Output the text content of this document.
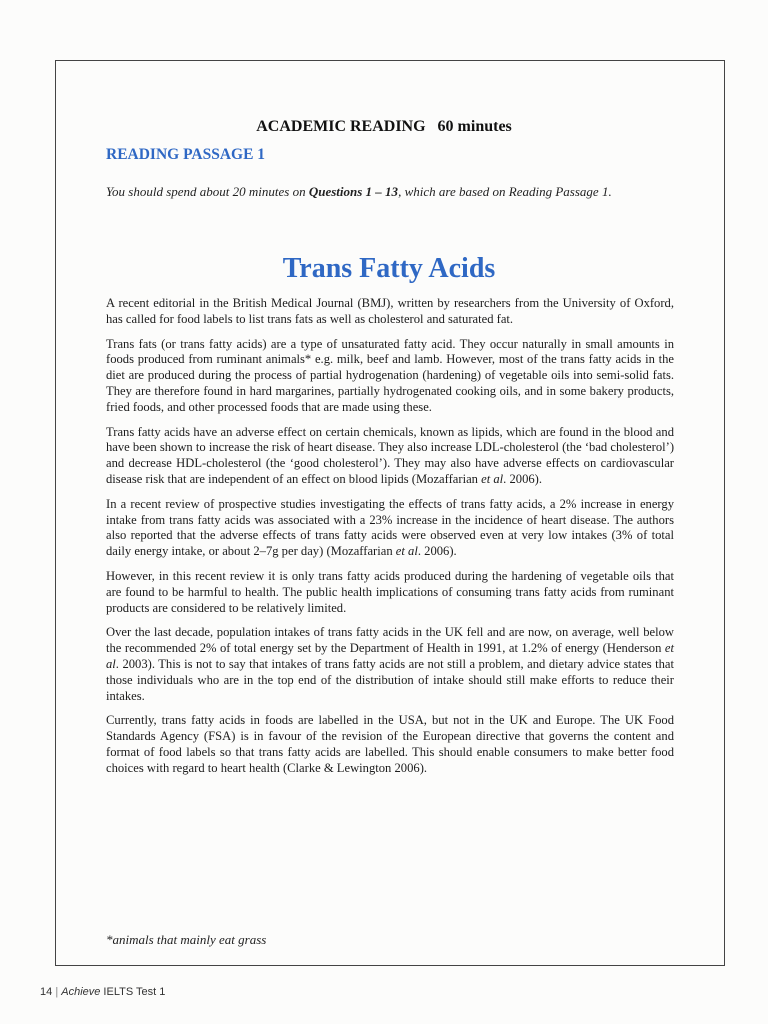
ACADEMIC READING   60 minutes
READING PASSAGE 1

You should spend about 20 minutes on Questions 1 – 13, which are based on Reading Passage 1.

Trans Fatty Acids

A recent editorial in the British Medical Journal (BMJ), written by researchers from the University of Oxford, has called for food labels to list trans fats as well as cholesterol and saturated fat.

Trans fats (or trans fatty acids) are a type of unsaturated fatty acid. They occur naturally in small amounts in foods produced from ruminant animals* e.g. milk, beef and lamb. However, most of the trans fatty acids in the diet are produced during the process of partial hydrogenation (hardening) of vegetable oils into semi-solid fats. They are therefore found in hard margarines, partially hydrogenated cooking oils, and in some bakery products, fried foods, and other processed foods that are made using these.

Trans fatty acids have an adverse effect on certain chemicals, known as lipids, which are found in the blood and have been shown to increase the risk of heart disease. They also increase LDL-cholesterol (the ‘bad cholesterol’) and decrease HDL-cholesterol (the ‘good cholesterol’). They may also have adverse effects on cardiovascular disease risk that are independent of an effect on blood lipids (Mozaffarian et al. 2006).

In a recent review of prospective studies investigating the effects of trans fatty acids, a 2% increase in energy intake from trans fatty acids was associated with a 23% increase in the incidence of heart disease. The authors also reported that the adverse effects of trans fatty acids were observed even at very low intakes (3% of total daily energy intake, or about 2–7g per day) (Mozaffarian et al. 2006).

However, in this recent review it is only trans fatty acids produced during the hardening of vegetable oils that are found to be harmful to health. The public health implications of consuming trans fatty acids from ruminant products are considered to be relatively limited.

Over the last decade, population intakes of trans fatty acids in the UK fell and are now, on average, well below the recommended 2% of total energy set by the Department of Health in 1991, at 1.2% of energy (Henderson et al. 2003). This is not to say that intakes of trans fatty acids are not still a problem, and dietary advice states that those individuals who are in the top end of the distribution of intake should still make efforts to reduce their intakes.

Currently, trans fatty acids in foods are labelled in the USA, but not in the UK and Europe. The UK Food Standards Agency (FSA) is in favour of the revision of the European directive that governs the content and format of food labels so that trans fatty acids are labelled. This should enable consumers to make better food choices with regard to heart health (Clarke & Lewington 2006).

*animals that mainly eat grass

14 | Achieve IELTS Test 1
